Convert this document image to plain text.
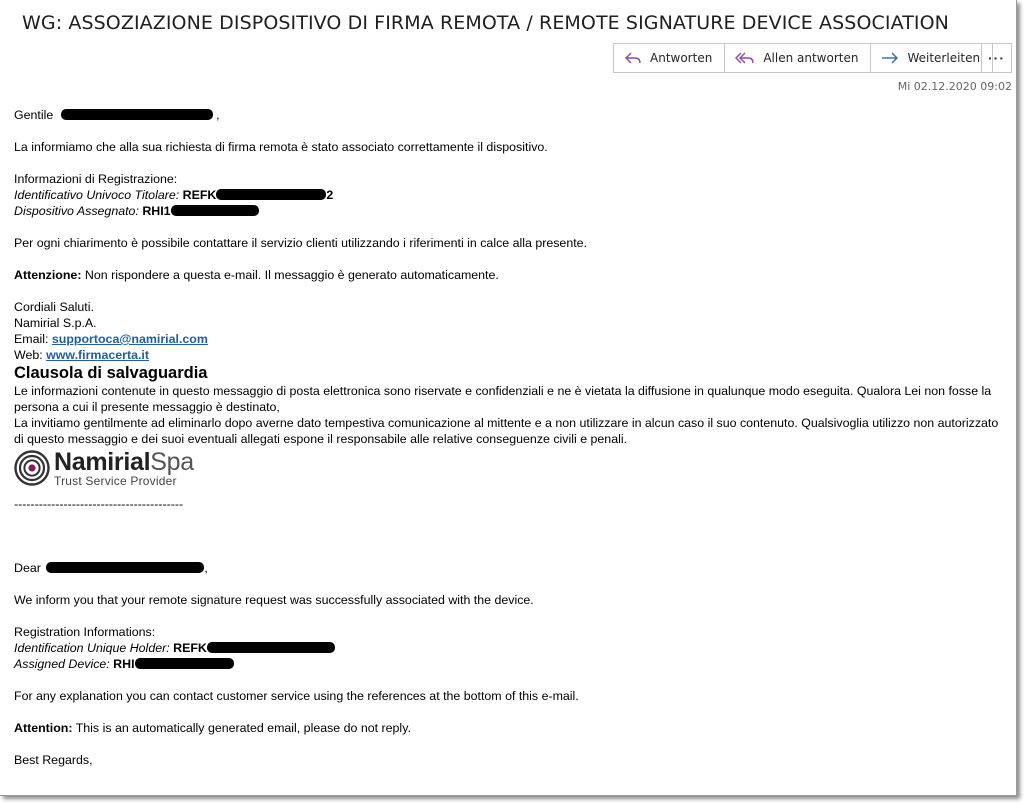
WG: ASSOZIAZIONE DISPOSITIVO DI FIRMA REMOTA / REMOTE SIGNATURE DEVICE ASSOCIATION
Antworten	Allen antworten	Weiterleiten ···
Mi 02.12.2020 09:02

Gentile	,

La informiamo che alla sua richiesta di firma remota è stato associato correttamente il dispositivo.

Informazioni di Registrazione:

Identificativo Univoco Titolare: REFK	2

Dispositivo Assegnato: RHI1

Per ogni chiarimento è possibile contattare il servizio clienti utilizzando i riferimenti in calce alla presente.

Attenzione: Non rispondere a questa e-mail. Il messaggio è generato automaticamente.

Cordiali Saluti.

Namirial S.p.A.

Email: supportoca@namirial.com

Web: www.firmacerta.it

Clausola di salvaguardia

Le informazioni contenute in questo messaggio di posta elettronica sono riservate e confidenziali e ne è vietata la diffusione in qualunque modo eseguita. Qualora Lei non fosse la persona a cui il presente messaggio è destinato,

La invitiamo gentilmente ad eliminarlo dopo averne dato tempestiva comunicazione al mittente e a non utilizzare in alcun caso il suo contenuto. Qualsivoglia utilizzo non autorizzato di questo messaggio e dei suoi eventuali allegati espone il responsabile alle relative conseguenze civili e penali.

NamirialSpa
Trust Service Provider

-----------------------------------------

Dear	,

We inform you that your remote signature request was successfully associated with the device.

Registration Informations:

Identification Unique Holder: REFK

Assigned Device: RHI

For any explanation you can contact customer service using the references at the bottom of this e-mail.

Attention: This is an automatically generated email, please do not reply.

Best Regards,
